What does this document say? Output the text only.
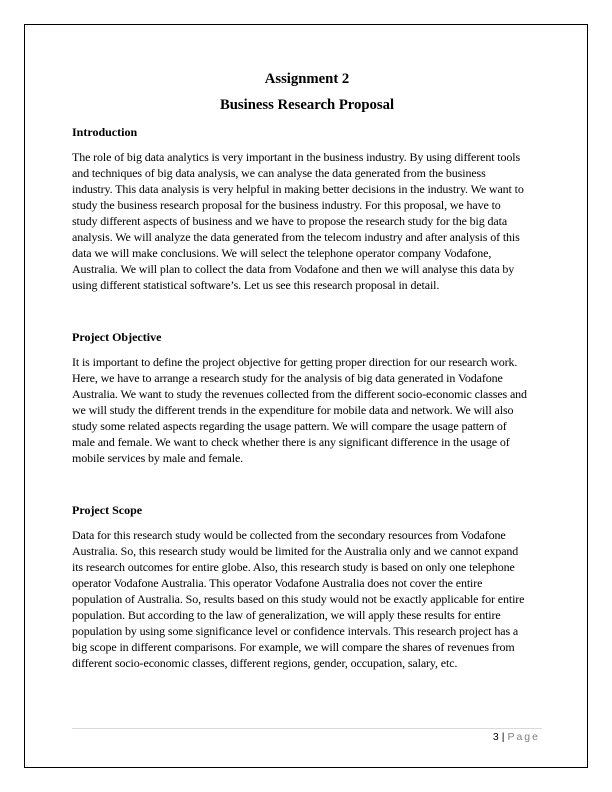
Assignment 2
Business Research Proposal
Introduction
The role of big data analytics is very important in the business industry. By using different tools
and techniques of big data analysis, we can analyse the data generated from the business
industry. This data analysis is very helpful in making better decisions in the industry. We want to
study the business research proposal for the business industry. For this proposal, we have to
study different aspects of business and we have to propose the research study for the big data
analysis. We will analyze the data generated from the telecom industry and after analysis of this
data we will make conclusions. We will select the telephone operator company Vodafone,
Australia. We will plan to collect the data from Vodafone and then we will analyse this data by
using different statistical software’s. Let us see this research proposal in detail.
Project Objective
It is important to define the project objective for getting proper direction for our research work.
Here, we have to arrange a research study for the analysis of big data generated in Vodafone
Australia. We want to study the revenues collected from the different socio-economic classes and
we will study the different trends in the expenditure for mobile data and network. We will also
study some related aspects regarding the usage pattern. We will compare the usage pattern of
male and female. We want to check whether there is any significant difference in the usage of
mobile services by male and female.
Project Scope
Data for this research study would be collected from the secondary resources from Vodafone
Australia. So, this research study would be limited for the Australia only and we cannot expand
its research outcomes for entire globe. Also, this research study is based on only one telephone
operator Vodafone Australia. This operator Vodafone Australia does not cover the entire
population of Australia. So, results based on this study would not be exactly applicable for entire
population. But according to the law of generalization, we will apply these results for entire
population by using some significance level or confidence intervals. This research project has a
big scope in different comparisons. For example, we will compare the shares of revenues from
different socio-economic classes, different regions, gender, occupation, salary, etc.
3 | Page
